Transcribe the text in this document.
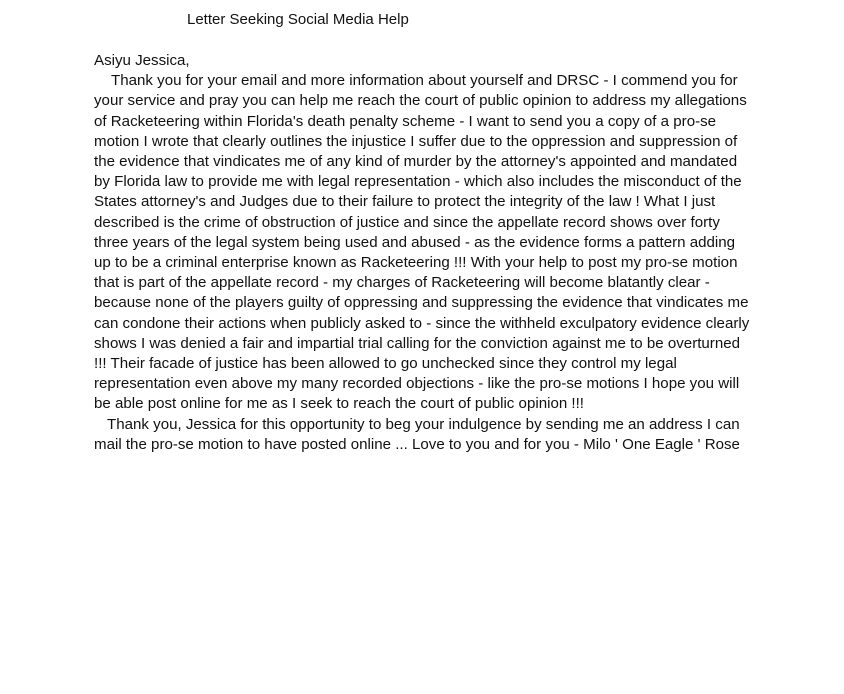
Letter Seeking Social Media Help

Asiyu Jessica,

Thank you for your email and more information about yourself and DRSC - I commend you for your service and pray you can help me reach the court of public opinion to address my allegations of Racketeering within Florida's death penalty scheme - I want to send you a copy of a pro-se motion I wrote that clearly outlines the injustice I suffer due to the oppression and suppression of the evidence that vindicates me of any kind of murder by the attorney's appointed and mandated by Florida law to provide me with legal representation - which also includes the misconduct of the States attorney's and Judges due to their failure to protect the integrity of the law ! What I just described is the crime of obstruction of justice and since the appellate record shows over forty three years of the legal system being used and abused - as the evidence forms a pattern adding up to be a criminal enterprise known as Racketeering !!! With your help to post my pro-se motion that is part of the appellate record - my charges of Racketeering will become blatantly clear - because none of the players guilty of oppressing and suppressing the evidence that vindicates me can condone their actions when publicly asked to - since the withheld exculpatory evidence clearly shows I was denied a fair and impartial trial calling for the conviction against me to be overturned !!! Their facade of justice has been allowed to go unchecked since they control my legal representation even above my many recorded objections - like the pro-se motions I hope you will be able post online for me as I seek to reach the court of public opinion !!!

Thank you, Jessica for this opportunity to beg your indulgence by sending me an address I can mail the pro-se motion to have posted online ... Love to you and for you - Milo ' One Eagle ' Rose
